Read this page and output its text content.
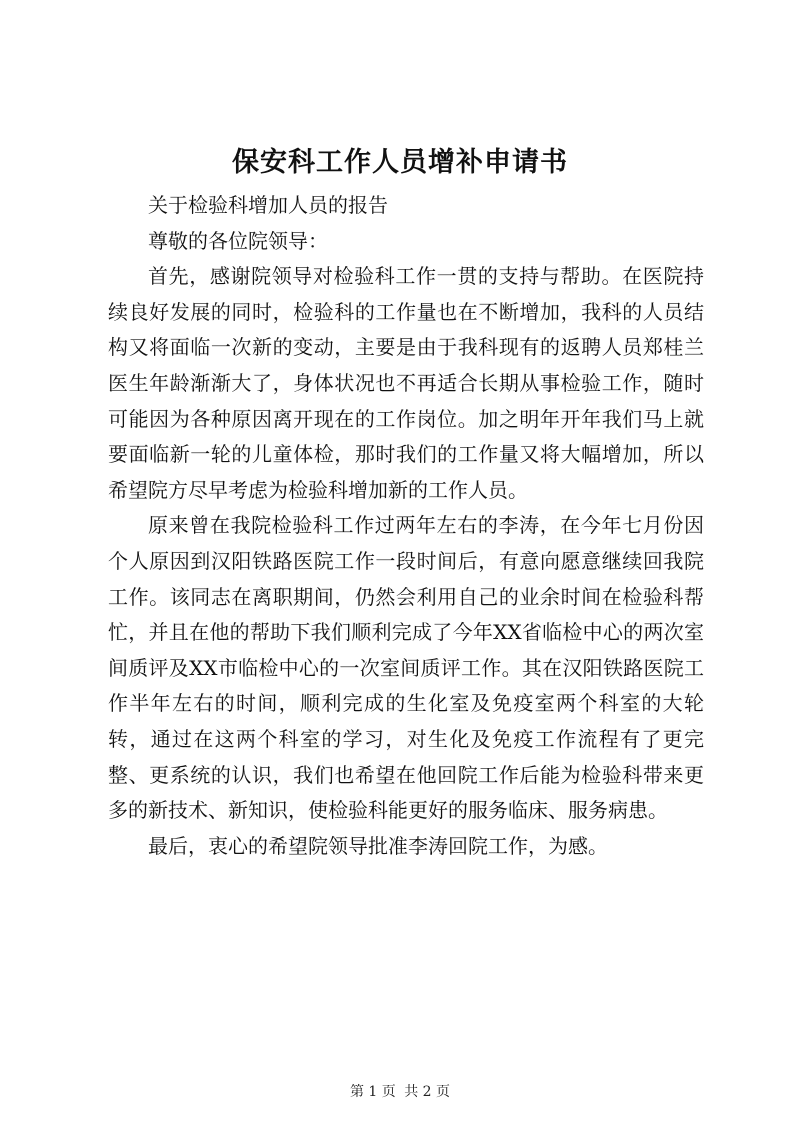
保安科工作人员增补申请书

关于检验科增加人员的报告

尊敬的各位院领导：

首先，感谢院领导对检验科工作一贯的支持与帮助。在医院持续良好发展的同时，检验科的工作量也在不断增加，我科的人员结构又将面临一次新的变动，主要是由于我科现有的返聘人员郑桂兰医生年龄渐渐大了，身体状况也不再适合长期从事检验工作，随时可能因为各种原因离开现在的工作岗位。加之明年开年我们马上就要面临新一轮的儿童体检，那时我们的工作量又将大幅增加，所以希望院方尽早考虑为检验科增加新的工作人员。

原来曾在我院检验科工作过两年左右的李涛，在今年七月份因个人原因到汉阳铁路医院工作一段时间后，有意向愿意继续回我院工作。该同志在离职期间，仍然会利用自己的业余时间在检验科帮忙，并且在他的帮助下我们顺利完成了今年XX省临检中心的两次室间质评及XX市临检中心的一次室间质评工作。其在汉阳铁路医院工作半年左右的时间，顺利完成的生化室及免疫室两个科室的大轮转，通过在这两个科室的学习，对生化及免疫工作流程有了更完整、更系统的认识，我们也希望在他回院工作后能为检验科带来更多的新技术、新知识，使检验科能更好的服务临床、服务病患。

最后，衷心的希望院领导批准李涛回院工作，为感。

第 1 页 共 2 页
